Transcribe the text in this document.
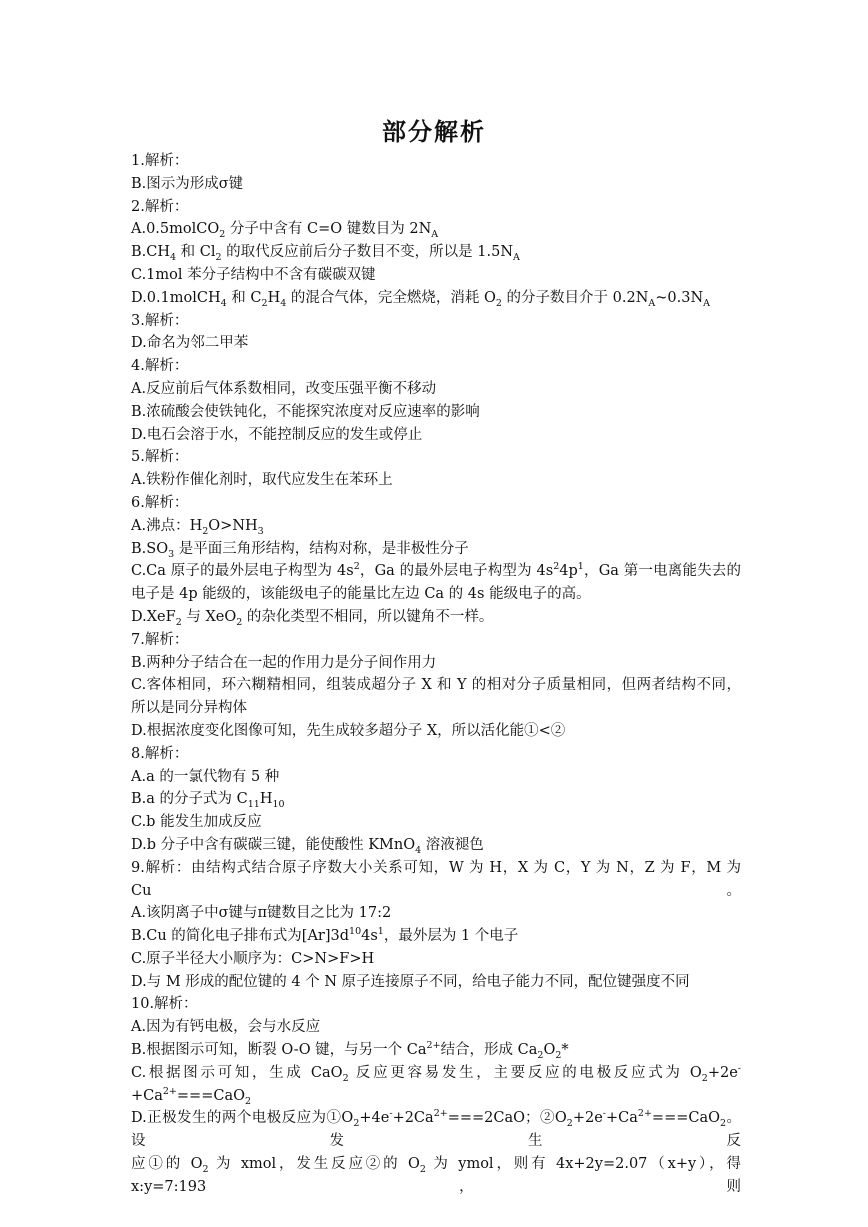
部分解析
1.解析：
B.图示为形成σ键
2.解析：
A.0.5molCO$_2$ 分子中含有 C=O 键数目为 $2N_A$
$B.CH_4$ 和 $Cl_2$ 的取代反应前后分子数目不变，所以是 $1.5N_A$
C.1mol 苯分子结构中不含有碳碳双键
D.0.1molCH$_4$ 和 $C_2H_4$ 的混合气体，完全燃烧，消耗 $O_2$ 的分子数目介于 $0.2N_A\sim 0.3N_A$
3.解析：
D.命名为邻二甲苯
4.解析：
A.反应前后气体系数相同，改变压强平衡不移动
B.浓硫酸会使铁钝化，不能探究浓度对反应速率的影响
D.电石会溶于水，不能控制反应的发生或停止
5.解析：
A.铁粉作催化剂时，取代应发生在苯环上
6.解析：
A.沸点：$H_2O>NH_3$
$B.SO_3$ 是平面三角形结构，结构对称，是非极性分子
C.Ca 原子的最外层电子构型为 $4s^2$，Ga 的最外层电子构型为 $4s^24p^1$，Ga 第一电离能失去的
电子是 4p 能级的，该能级电子的能量比左边 Ca 的 4s 能级电子的高。
D.XeF$_2$ 与 XeO$_2$ 的杂化类型不相同，所以键角不一样。
7.解析：
B.两种分子结合在一起的作用力是分子间作用力
C.客体相同，环六糊精相同，组装成超分子 X 和 Y 的相对分子质量相同，但两者结构不同，
所以是同分异构体
D.根据浓度变化图像可知，先生成较多超分子 X，所以活化能①<②
8.解析：
A.a 的一氯代物有 5 种
B.a 的分子式为 $C_{11}H_{10}$
C.b 能发生加成反应
D.b 分子中含有碳碳三键，能使酸性 KMnO$_4$ 溶液褪色
9.解析：由结构式结合原子序数大小关系可知，W 为 H，X 为 C，Y 为 N，Z 为 F，M 为 Cu。
A.该阴离子中σ键与π键数目之比为 17:2
B.Cu 的简化电子排布式为$[Ar]3d^{10}4s^1$，最外层为 1 个电子
C.原子半径大小顺序为：C>N>F>H
D.与 M 形成的配位键的 4 个 N 原子连接原子不同，给电子能力不同，配位键强度不同
10.解析：
A.因为有钙电极，会与水反应
B.根据图示可知，断裂 O-O 键，与另一个 $Ca^{2+}$结合，形成 $Ca_2O_2*$
C.根据图示可知，生成 CaO$_2$ 反应更容易发生，主要反应的电极反应式为 $O_2+2e^-+Ca^{2+}===CaO_2$
D.正极发生的两个电极反应为$①O_2+4e^-+2Ca^{2+}===2CaO$；$②O_2+2e^-+Ca^{2+}===CaO_2$。设发生反
应①的 $O_2$ 为 xmol，发生反应②的 $O_2$ 为 ymol，则有 4x+2y=2.07（x+y），得 x:y=7:193，则
